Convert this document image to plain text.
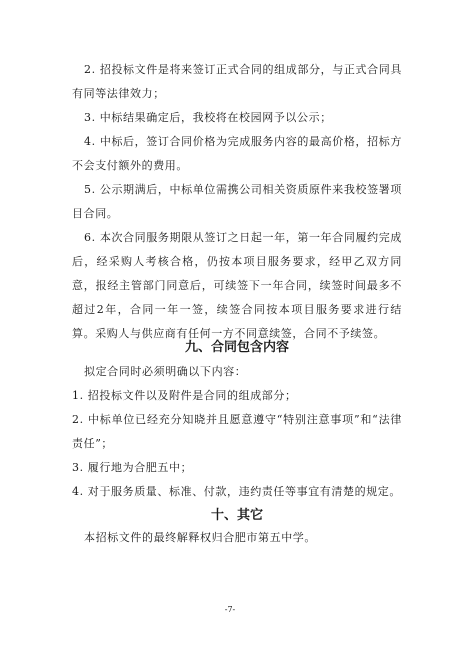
2. 招投标文件是将来签订正式合同的组成部分，与正式合同具有同等法律效力；

3. 中标结果确定后，我校将在校园网予以公示；

4. 中标后，签订合同价格为完成服务内容的最高价格，招标方不会支付额外的费用。

5. 公示期满后，中标单位需携公司相关资质原件来我校签署项目合同。

6. 本次合同服务期限从签订之日起一年，第一年合同履约完成后，经采购人考核合格，仍按本项目服务要求，经甲乙双方同意，报经主管部门同意后，可续签下一年合同，续签时间最多不超过2年，合同一年一签，续签合同按本项目服务要求进行结算。采购人与供应商有任何一方不同意续签，合同不予续签。

九、合同包含内容

拟定合同时必须明确以下内容：

1. 招投标文件以及附件是合同的组成部分；

2. 中标单位已经充分知晓并且愿意遵守“特别注意事项”和“法律责任”；

3. 履行地为合肥五中；

4. 对于服务质量、标准、付款，违约责任等事宜有清楚的规定。

十、其它

本招标文件的最终解释权归合肥市第五中学。

-7-
